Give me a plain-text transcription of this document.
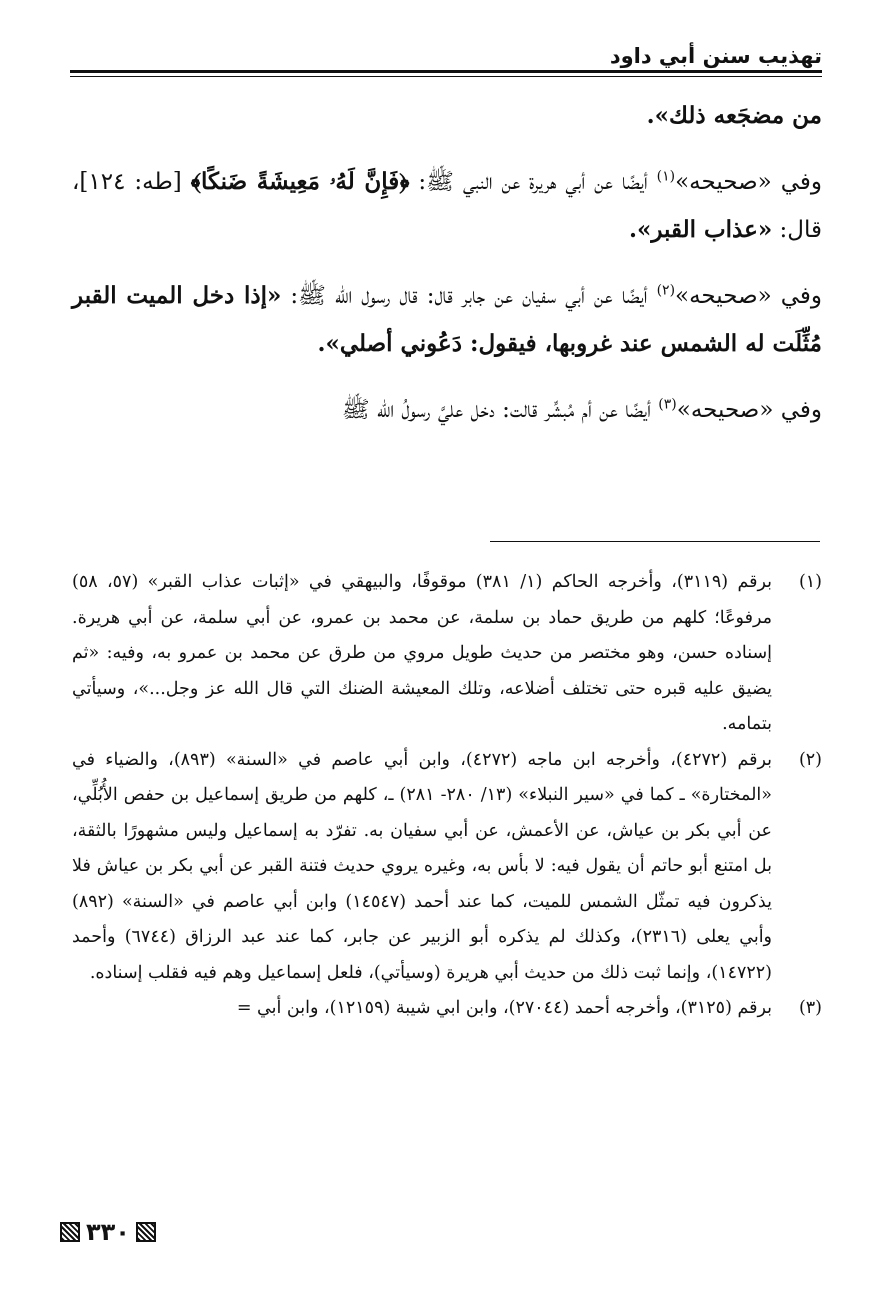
تهذيب سنن أبي داود

من مضجَعه ذلك».

وفي «صحيحه»$^{(١)}$ أيضًا عن أبي هريرة عن النبي ﷺ: ﴿فَإِنَّ لَهُۥ مَعِيشَةً ضَنكًا﴾ [طه: ١٢٤]، قال: «عذاب القبر».

وفي «صحيحه»$^{(٢)}$ أيضًا عن أبي سفيان عن جابر قال: قال رسول الله ﷺ: «إذا دخل الميت القبر مُثِّلَت له الشمس عند غروبها، فيقول: دَعُوني أصلي».

وفي «صحيحه»$^{(٣)}$ أيضًا عن أم مُبشِّر قالت: دخل عليَّ رسولُ الله ﷺ

(١)
برقم (٣١١٩)، وأخرجه الحاكم (١/ ٣٨١) موقوفًا، والبيهقي في «إثبات عذاب القبر» (٥٧، ٥٨) مرفوعًا؛ كلهم من طريق حماد بن سلمة، عن محمد بن عمرو، عن أبي سلمة، عن أبي هريرة. إسناده حسن، وهو مختصر من حديث طويل مروي من طرق عن محمد بن عمرو به، وفيه: «ثم يضيق عليه قبره حتى تختلف أضلاعه، وتلك المعيشة الضنك التي قال الله عز وجل...»، وسيأتي بتمامه.

(٢)
برقم (٤٢٧٢)، وأخرجه ابن ماجه (٤٢٧٢)، وابن أبي عاصم في «السنة» (٨٩٣)، والضياء في «المختارة» ـ كما في «سير النبلاء» (١٣/ ٢٨٠- ٢٨١) ـ، كلهم من طريق إسماعيل بن حفص الأُبُلِّي، عن أبي بكر بن عياش، عن الأعمش، عن أبي سفيان به. تفرّد به إسماعيل وليس مشهورًا بالثقة، بل امتنع أبو حاتم أن يقول فيه: لا بأس به، وغيره يروي حديث فتنة القبر عن أبي بكر بن عياش فلا يذكرون فيه تمثّل الشمس للميت، كما عند أحمد (١٤٥٤٧) وابن أبي عاصم في «السنة» (٨٩٢) وأبي يعلى (٢٣١٦)، وكذلك لم يذكره أبو الزبير عن جابر، كما عند عبد الرزاق (٦٧٤٤) وأحمد (١٤٧٢٢)، وإنما ثبت ذلك من حديث أبي هريرة (وسيأتي)، فلعل إسماعيل وهم فيه فقلب إسناده.

(٣)
برقم (٣١٢٥)، وأخرجه أحمد (٢٧٠٤٤)، وابن ابي شيبة (١٢١٥٩)، وابن أبي =

٣٣٠
